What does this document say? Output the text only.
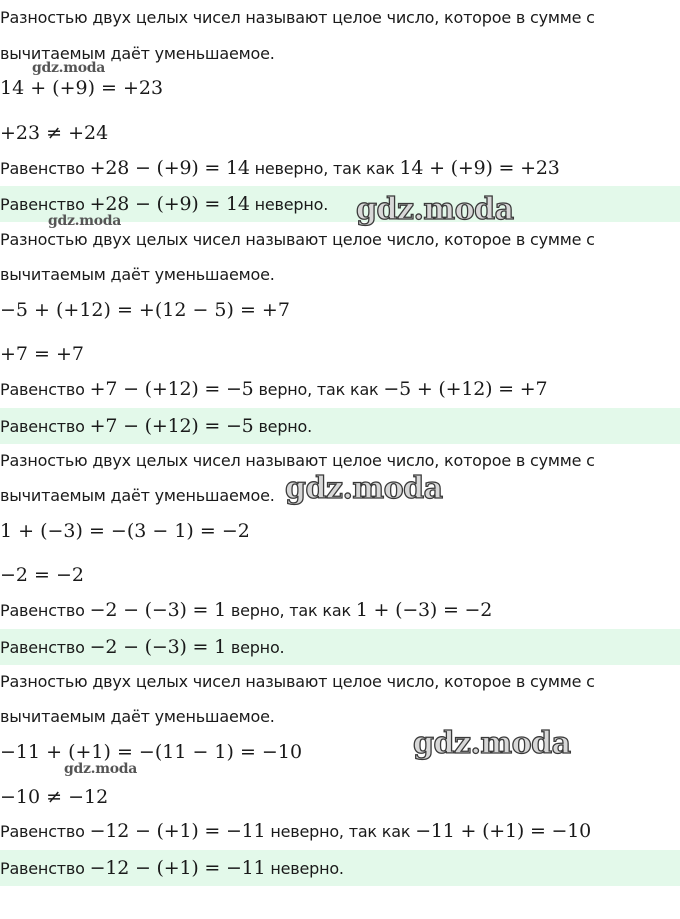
Разностью двух целых чисел называют целое число, которое в сумме с
вычитаемым даёт уменьшаемое.
14 + (+9) = +23
+23 ≠ +24
Равенство +28 − (+9) = 14 неверно, так как 14 + (+9) = +23
Равенство +28 − (+9) = 14 неверно.
Разностью двух целых чисел называют целое число, которое в сумме с
вычитаемым даёт уменьшаемое.
−5 + (+12) = +(12 − 5) = +7
+7 = +7
Равенство +7 − (+12) = −5 верно, так как −5 + (+12) = +7
Равенство +7 − (+12) = −5 верно.
Разностью двух целых чисел называют целое число, которое в сумме с
вычитаемым даёт уменьшаемое.
1 + (−3) = −(3 − 1) = −2
−2 = −2
Равенство −2 − (−3) = 1 верно, так как 1 + (−3) = −2
Равенство −2 − (−3) = 1 верно.
Разностью двух целых чисел называют целое число, которое в сумме с
вычитаемым даёт уменьшаемое.
−11 + (+1) = −(11 − 1) = −10
−10 ≠ −12
Равенство −12 − (+1) = −11 неверно, так как −11 + (+1) = −10
Равенство −12 − (+1) = −11 неверно.
gdz.moda
gdz.moda
gdz.moda
gdz.moda
gdz.moda
gdz.moda
